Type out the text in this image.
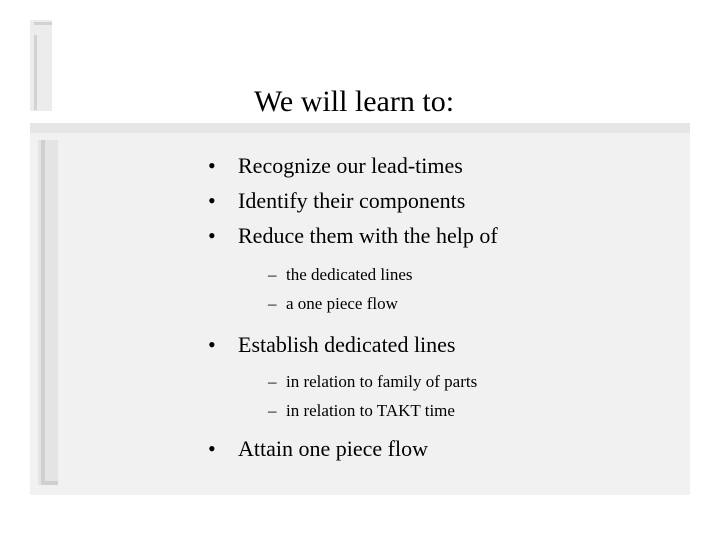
We will learn to:
• Recognize our lead-times
• Identify their components
• Reduce them with the help of
– the dedicated lines
– a one piece flow
• Establish dedicated lines
– in relation to family of parts
– in relation to TAKT time
• Attain one piece flow
